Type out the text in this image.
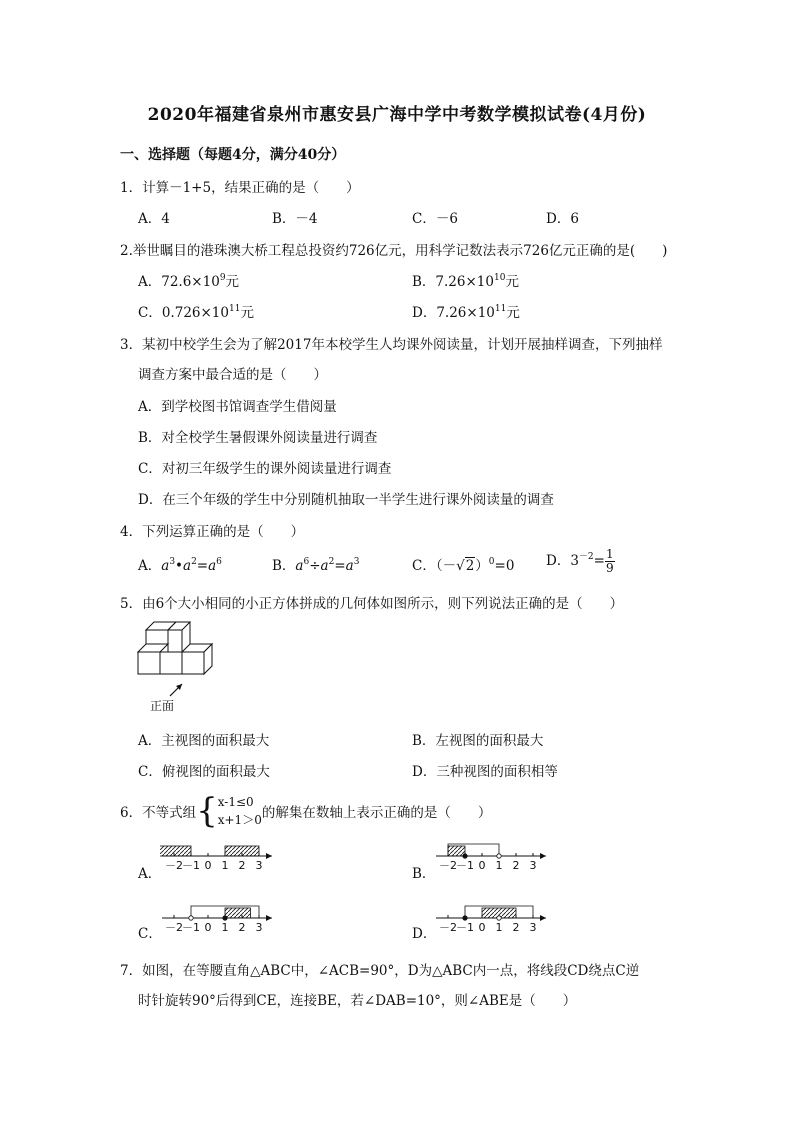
2020年福建省泉州市惠安县广海中学中考数学模拟试卷(4月份)
一、选择题（每题4分，满分40分）
1．计算－1+5，结果正确的是（　　）
A．4	B．－4	C．－6	D．6
2.举世瞩目的港珠澳大桥工程总投资约726亿元，用科学记数法表示726亿元正确的是(　　)
A．$72.6\times 10^9$元	B．$7.26\times 10^{10}$元
C．$0.726\times 10^{11}$元	D．$7.26\times 10^{11}$元
3．某初中校学生会为了解2017年本校学生人均课外阅读量，计划开展抽样调查，下列抽样
调查方案中最合适的是（　　）
A．到学校图书馆调查学生借阅量
B．对全校学生暑假课外阅读量进行调查
C．对初三年级学生的课外阅读量进行调查
D．在三个年级的学生中分别随机抽取一半学生进行课外阅读量的调查
4．下列运算正确的是（　　）
A．$a^3•a^2=a^6$	B．$a^6\div a^2=a^3$	C．$(-√2)^0=0$ D．$3^{-2}= \frac{1}{9}$
5．由6个大小相同的小正方体拼成的几何体如图所示，则下列说法正确的是（　　）
正面
A．主视图的面积最大	B．左视图的面积最大
C．俯视图的面积最大	D．三种视图的面积相等
6．不等式组 { x-1≤0
x+1＞0 的解集在数轴上表示正确的是（　　）
A．	B．
C．	D．
－2 －1 0 1 2 3	－2 －1 0 1 2 3
－2 －1 0 1 2 3	－2 －1 0 1 2 3
7．如图，在等腰直角△ABC中，∠ACB=90°，D为△ABC内一点，将线段CD绕点C逆
时针旋转90°后得到CE，连接BE，若∠DAB=10°，则∠ABE是（　　）
